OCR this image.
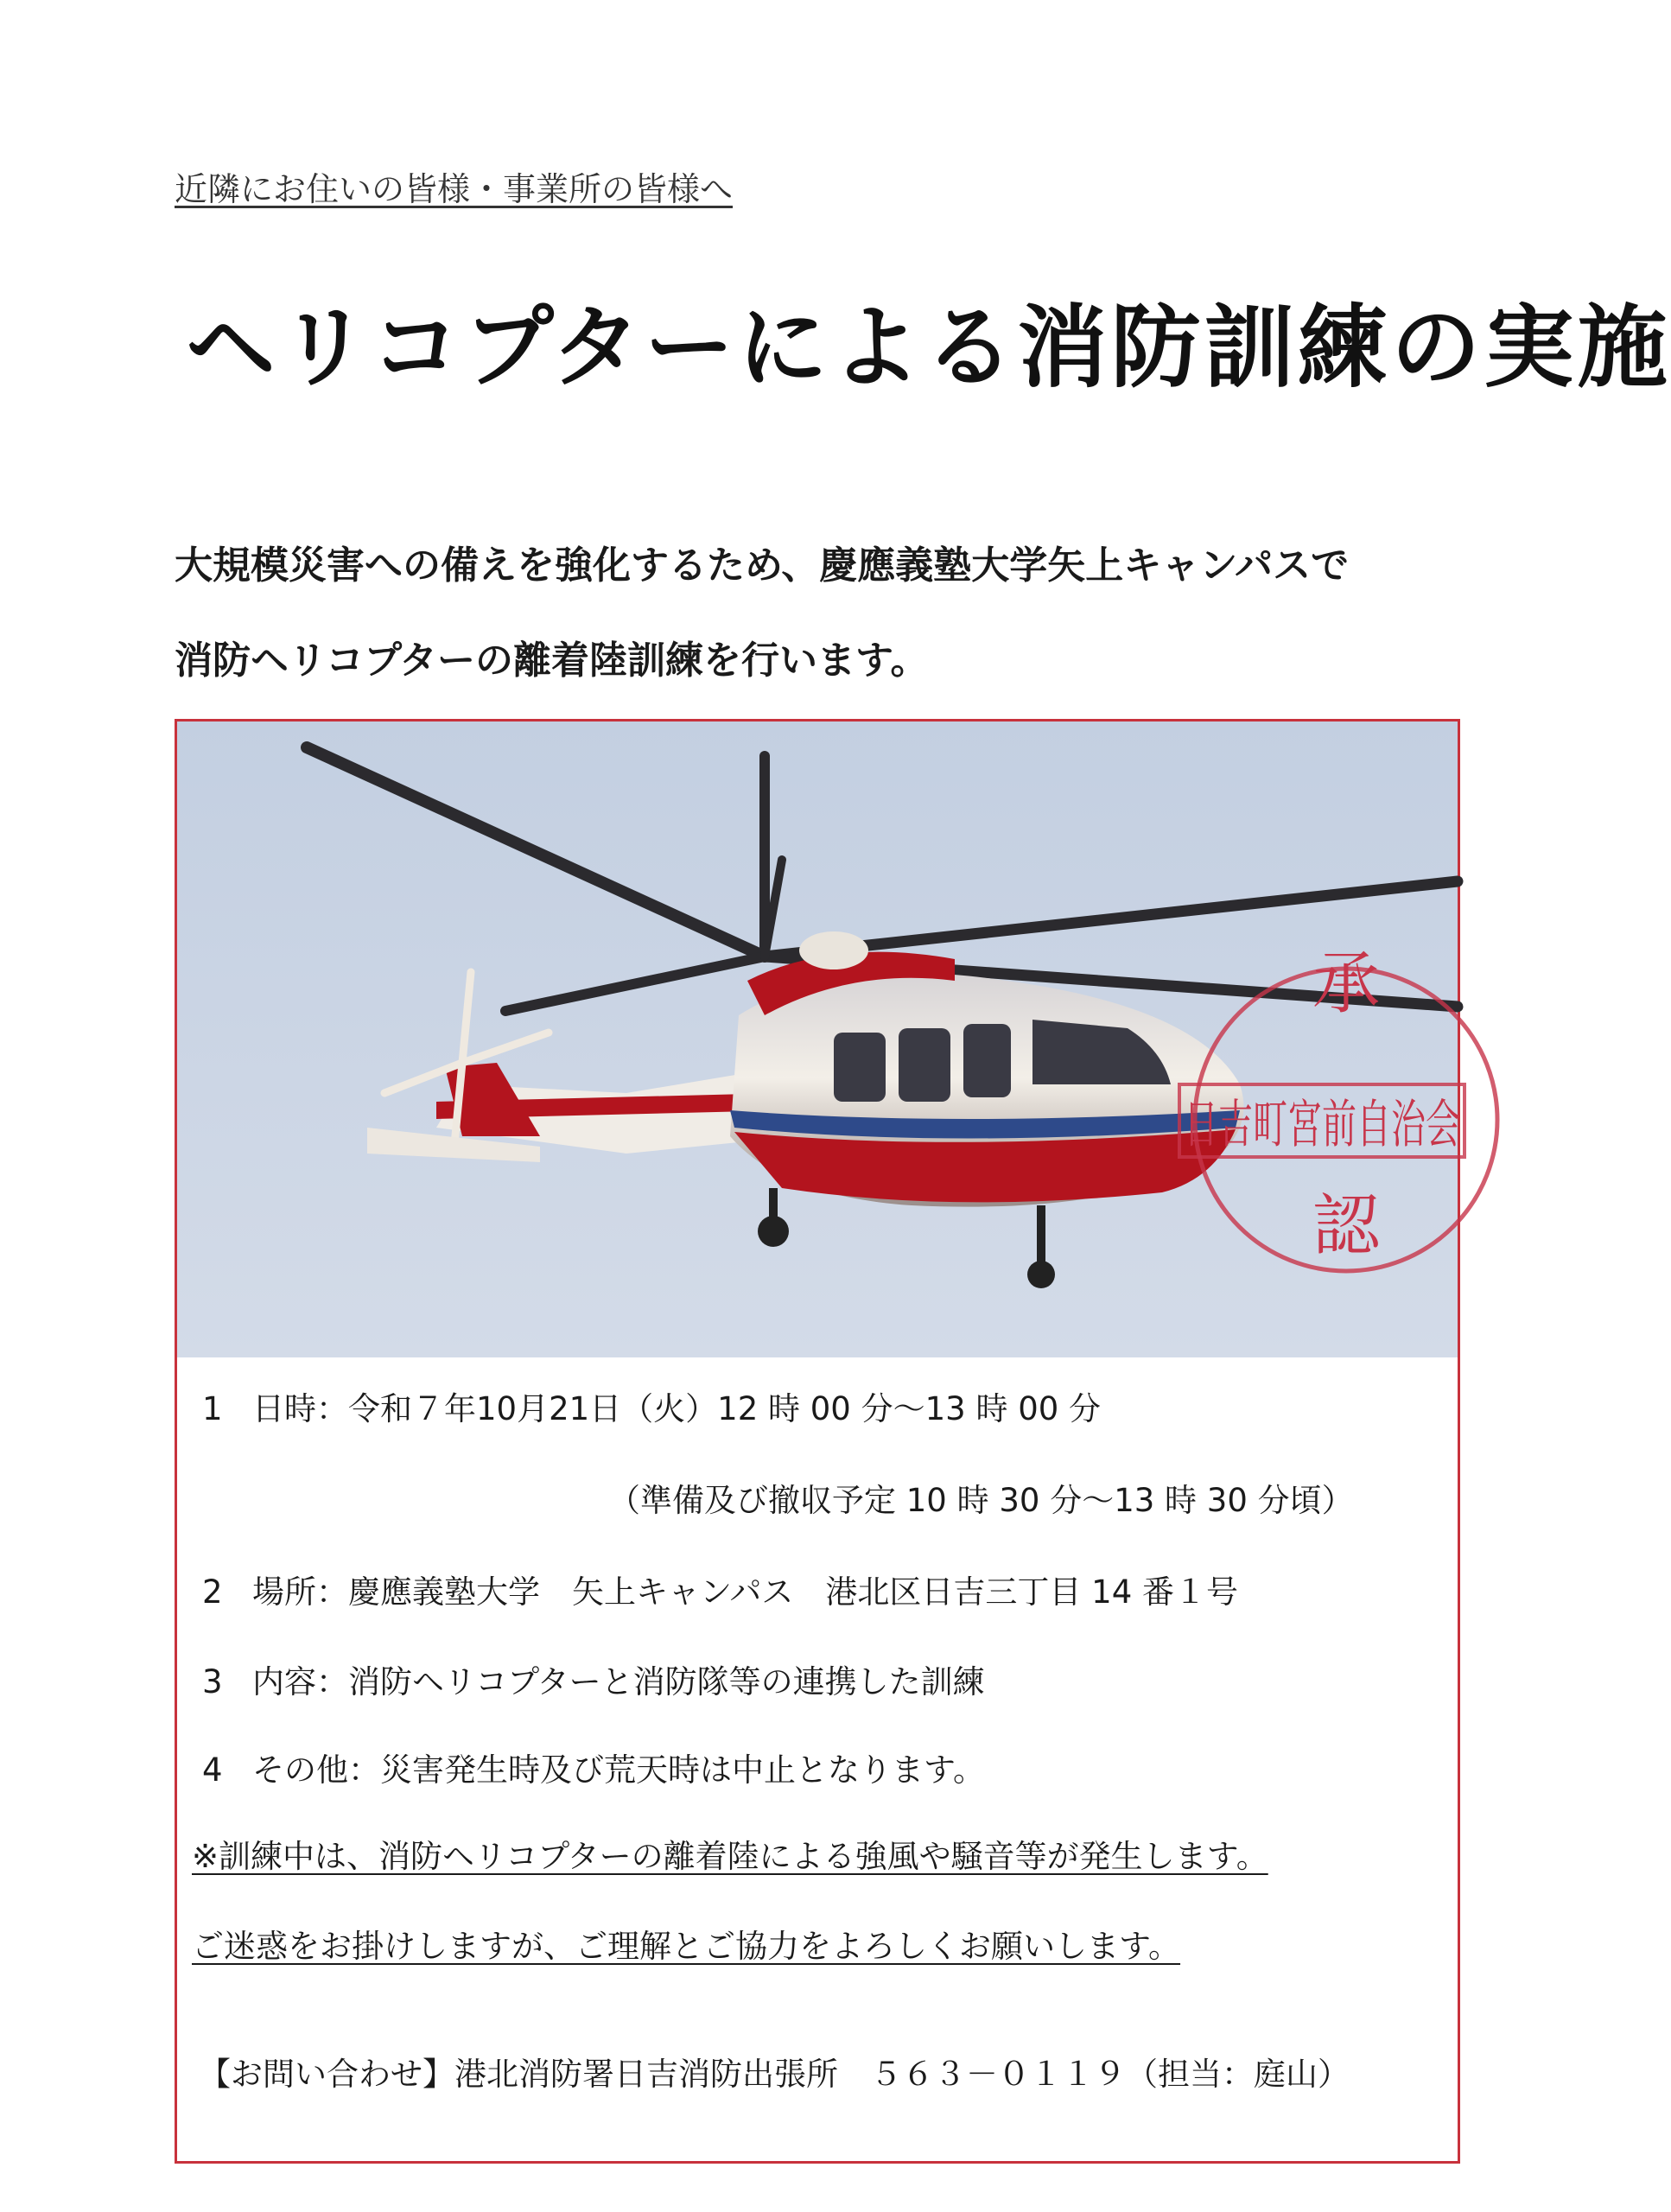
近隣にお住いの皆様・事業所の皆様へ
ヘリコプターによる消防訓練の実施
大規模災害への備えを強化するため、慶應義塾大学矢上キャンパスで
消防ヘリコプターの離着陸訓練を行います。
承
日吉町宮前自治会
認
1 日時：令和７年10月21日（火）12 時 00 分～13 時 00 分
（準備及び撤収予定 10 時 30 分～13 時 30 分頃）
2 場所：慶應義塾大学　矢上キャンパス　港北区日吉三丁目 14 番１号
3 内容：消防ヘリコプターと消防隊等の連携した訓練
4 その他：災害発生時及び荒天時は中止となります。
※訓練中は、消防ヘリコプターの離着陸による強風や騒音等が発生します。
ご迷惑をお掛けしますが、ご理解とご協力をよろしくお願いします。
【お問い合わせ】港北消防署日吉消防出張所　５６３－０１１９（担当：庭山）
